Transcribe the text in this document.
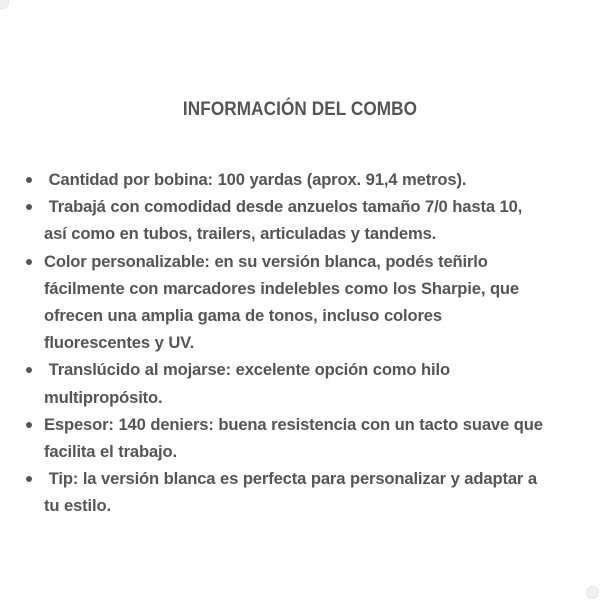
INFORMACIÓN DEL COMBO
Cantidad por bobina: 100 yardas (aprox. 91,4 metros).
Trabajá con comodidad desde anzuelos tamaño 7/0 hasta 10,
así como en tubos, trailers, articuladas y tandems.
Color personalizable: en su versión blanca, podés teñirlo
fácilmente con marcadores indelebles como los Sharpie, que
ofrecen una amplia gama de tonos, incluso colores
fluorescentes y UV.
Translúcido al mojarse: excelente opción como hilo
multipropósito.
Espesor: 140 deniers: buena resistencia con un tacto suave que
facilita el trabajo.
Tip: la versión blanca es perfecta para personalizar y adaptar a
tu estilo.
